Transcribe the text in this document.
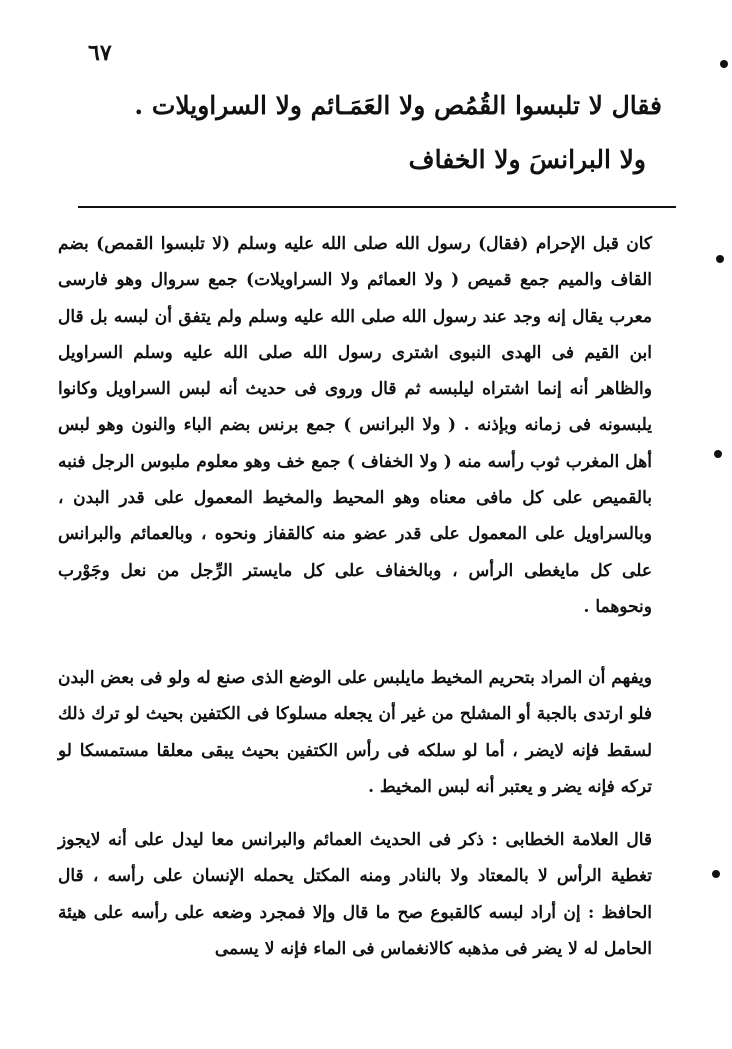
٦٧
فقال لا تلبسوا القُمُص ولا العَمَـائم ولا السراويلات .
ولا البرانسَ ولا الخفاف

كان قبل الإحرام (فقال) رسول الله صلى الله عليه وسلم (لا تلبسوا القمص) بضم القاف والميم جمع قميص ( ولا العمائم ولا السراويلات) جمع سروال وهو فارسى معرب يقال إنه وجد عند رسول الله صلى الله عليه وسلم ولم يتفق أن لبسه بل قال ابن القيم فى الهدى النبوى اشترى رسول الله صلى الله عليه وسلم السراويل والظاهر أنه إنما اشتراه ليلبسه ثم قال وروى فى حديث أنه لبس السراويل وكانوا يلبسونه فى زمانه وبإذنه . ( ولا البرانس ) جمع برنس بضم الباء والنون وهو لبس أهل المغرب ثوب رأسه منه ( ولا الخفاف ) جمع خف وهو معلوم ملبوس الرجل فنبه بالقميص على كل مافى معناه وهو المحيط والمخيط المعمول على قدر البدن ، وبالسراويل على المعمول على قدر عضو منه كالقفاز ونحوه ، وبالعمائم والبرانس على كل مايغطى الرأس ، وبالخفاف على كل مايستر الرِّجل من نعل وجَوْرب ونحوهما .

ويفهم أن المراد بتحريم المخيط مايلبس على الوضع الذى صنع له ولو فى بعض البدن فلو ارتدى بالجبة أو المشلح من غير أن يجعله مسلوكا فى الكتفين بحيث لو ترك ذلك لسقط فإنه لايضر ، أما لو سلكه فى رأس الكتفين بحيث يبقى معلقا مستمسكا لو تركه فإنه يضر و يعتبر أنه لبس المخيط .

قال العلامة الخطابى : ذكر فى الحديث العمائم والبرانس معا ليدل على أنه لايجوز تغطية الرأس لا بالمعتاد ولا بالنادر ومنه المكتل يحمله الإنسان على رأسه ، قال الحافظ : إن أراد لبسه كالقبوع صح ما قال وإلا فمجرد وضعه على رأسه على هيئة الحامل له لا يضر فى مذهبه كالانغماس فى الماء فإنه لا يسمى
